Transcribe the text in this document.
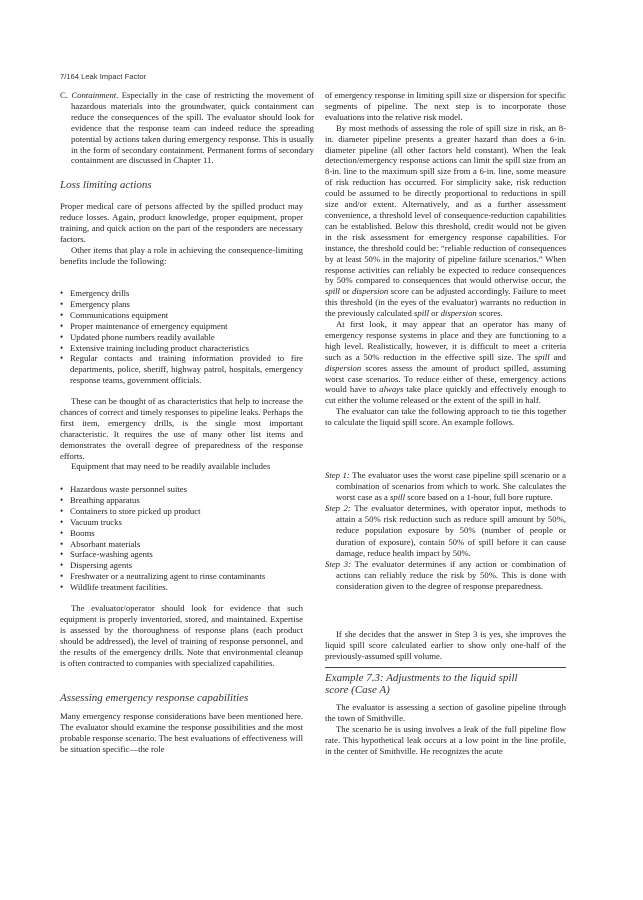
7/164 Leak Impact Factor
C. Containment. Especially in the case of restricting the movement of hazardous materials into the groundwater, quick containment can reduce the consequences of the spill. The evaluator should look for evidence that the response team can indeed reduce the spreading potential by actions taken during emergency response. This is usually in the form of secondary containment. Permanent forms of secondary containment are discussed in Chapter 11.
Loss limiting actions

Proper medical care of persons affected by the spilled product may reduce losses. Again, product knowledge, proper equipment, proper training, and quick action on the part of the responders are necessary factors.

Other items that play a role in achieving the consequence-limiting benefits include the following:

• Emergency drills
• Emergency plans
• Communications equipment
• Proper maintenance of emergency equipment
• Updated phone numbers readily available
• Extensive training including product characteristics
• Regular contacts and training information provided to fire departments, police, sheriff, highway patrol, hospitals, emergency response teams, government officials.

These can be thought of as characteristics that help to increase the chances of correct and timely responses to pipeline leaks. Perhaps the first item, emergency drills, is the single most important characteristic. It requires the use of many other list items and demonstrates the overall degree of preparedness of the response efforts.

Equipment that may need to be readily available includes

• Hazardous waste personnel suites
• Breathing apparatus
• Containers to store picked up product
• Vacuum trucks
• Booms
• Absorbant materials
• Surface-washing agents
• Dispersing agents
• Freshwater or a neutralizing agent to rinse contaminants
• Wildlife treatment facilities.

The evaluator/operator should look for evidence that such equipment is properly inventoried, stored, and maintained. Expertise is assessed by the thoroughness of response plans (each product should be addressed), the level of training of response personnel, and the results of the emergency drills. Note that environmental cleanup is often contracted to companies with specialized capabilities.

Assessing emergency response capabilities

Many emergency response considerations have been mentioned here. The evaluator should examine the response possibilities and the most probable response scenario. The best evaluations of effectiveness will be situation specific—the role

of emergency response in limiting spill size or dispersion for specific segments of pipeline. The next step is to incorporate those evaluations into the relative risk model.

By most methods of assessing the role of spill size in risk, an 8-in. diameter pipeline presents a greater hazard than does a 6-in. diameter pipeline (all other factors held constant). When the leak detection/emergency response actions can limit the spill size from an 8-in. line to the maximum spill size from a 6-in. line, some measure of risk reduction has occurred. For simplicity sake, risk reduction could be assumed to be directly proportional to reductions in spill size and/or extent. Alternatively, and as a further assessment convenience, a threshold level of consequence-reduction capabilities can be established. Below this threshold, credit would not be given in the risk assessment for emergency response capabilities. For instance, the threshold could be: “reliable reduction of consequences by at least 50% in the majority of pipeline failure scenarios.” When response activities can reliably be expected to reduce consequences by 50% compared to consequences that would otherwise occur, the spill or dispersion score can be adjusted accordingly. Failure to meet this threshold (in the eyes of the evaluator) warrants no reduction in the previously calculated spill or dispersion scores.

At first look, it may appear that an operator has many of emergency response systems in place and they are functioning to a high level. Realistically, however, it is difficult to meet a criteria such as a 50% reduction in the effective spill size. The spill and dispersion scores assess the amount of product spilled, assuming worst case scenarios. To reduce either of these, emergency actions would have to always take place quickly and effectively enough to cut either the volume released or the extent of the spill in half.

The evaluator can take the following approach to tie this together to calculate the liquid spill score. An example follows.

Step 1: The evaluator uses the worst case pipeline spill scenario or a combination of scenarios from which to work. She calculates the worst case as a spill score based on a 1-hour, full bore rupture.
Step 2: The evaluator determines, with operator input, methods to attain a 50% risk reduction such as reduce spill amount by 50%, reduce population exposure by 50% (number of people or duration of exposure), contain 50% of spill before it can cause damage, reduce health impact by 50%.
Step 3: The evaluator determines if any action or combination of actions can reliably reduce the risk by 50%. This is done with consideration given to the degree of response preparedness.

If she decides that the answer in Step 3 is yes, she improves the liquid spill score calculated earlier to show only one-half of the previously-assumed spill volume.

Example 7.3: Adjustments to the liquid spill score (Case A)

The evaluator is assessing a section of gasoline pipeline through the town of Smithville.

The scenario he is using involves a leak of the full pipeline flow rate. This hypothetical leak occurs at a low point in the line profile, in the center of Smithville. He recognizes the acute
